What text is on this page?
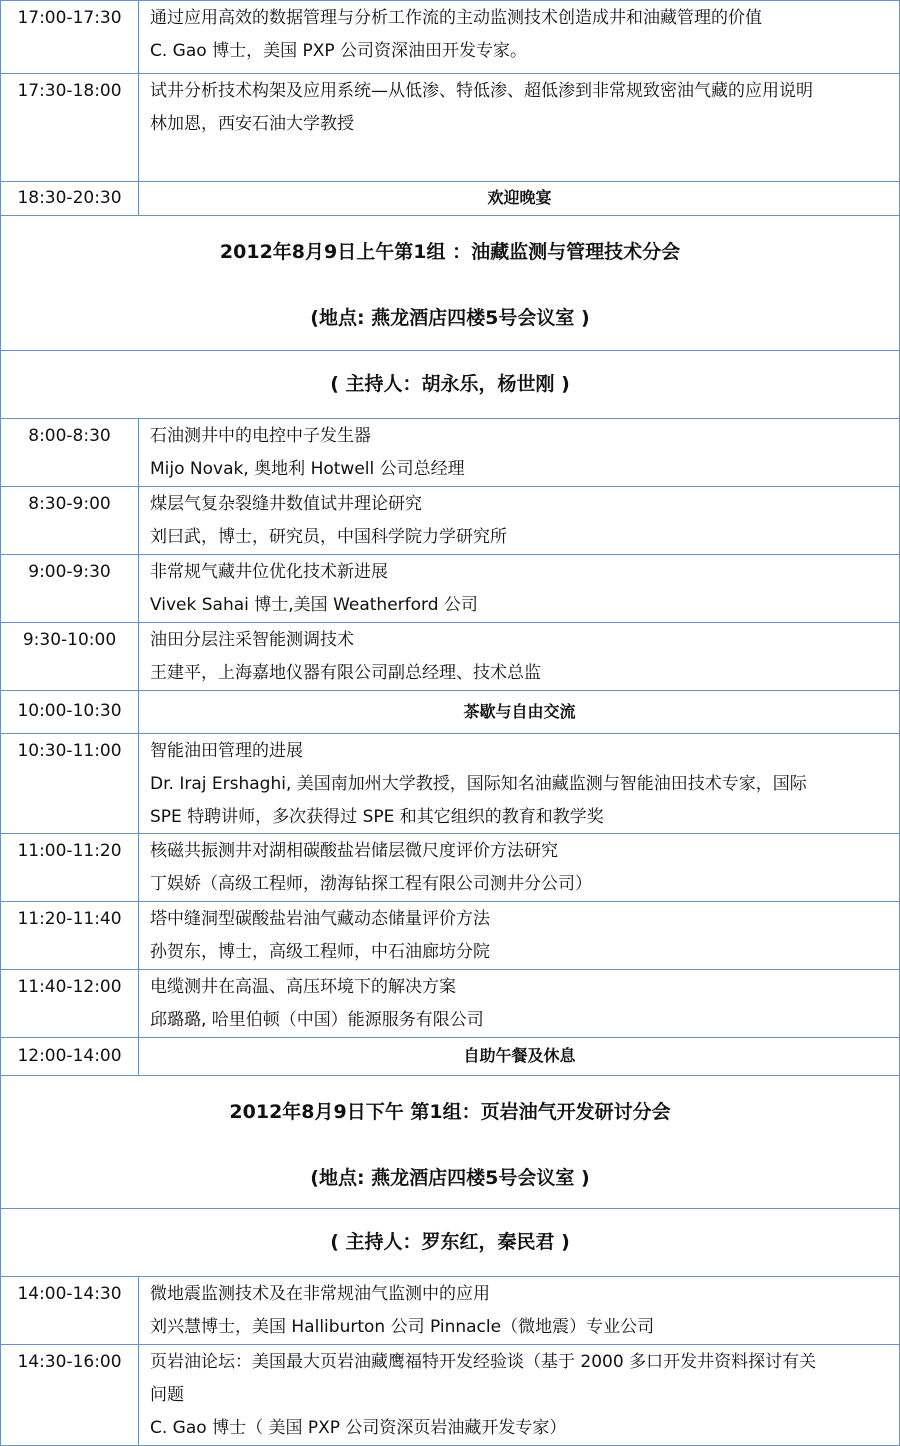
17:00-17:30	通过应用高效的数据管理与分析工作流的主动监测技术创造成井和油藏管理的价值
C. Gao 博士，美国 PXP 公司资深油田开发专家。
17:30-18:00	试井分析技术构架及应用系统—从低渗、特低渗、超低渗到非常规致密油气藏的应用说明
林加恩，西安石油大学教授
18:30-20:30	欢迎晚宴
2012年8月9日上午第1组 ：油藏监测与管理技术分会
(地点: 燕龙酒店四楼5号会议室 )
( 主持人：胡永乐，杨世刚 )
8:00-8:30	石油测井中的电控中子发生器
Mijo Novak, 奥地利 Hotwell 公司总经理
8:30-9:00	煤层气复杂裂缝井数值试井理论研究
刘曰武，博士，研究员，中国科学院力学研究所
9:00-9:30	非常规气藏井位优化技术新进展
Vivek Sahai 博士,美国 Weatherford 公司
9:30-10:00	油田分层注采智能测调技术
王建平，上海嘉地仪器有限公司副总经理、技术总监
10:00-10:30	茶歇与自由交流
10:30-11:00	智能油田管理的进展
Dr. Iraj Ershaghi, 美国南加州大学教授，国际知名油藏监测与智能油田技术专家，国际
SPE 特聘讲师，多次获得过 SPE 和其它组织的教育和教学奖
11:00-11:20	核磁共振测井对湖相碳酸盐岩储层微尺度评价方法研究
丁娱娇（高级工程师，渤海钻探工程有限公司测井分公司）
11:20-11:40	塔中缝洞型碳酸盐岩油气藏动态储量评价方法
孙贺东，博士，高级工程师，中石油廊坊分院
11:40-12:00	电缆测井在高温、高压环境下的解决方案
邱璐璐, 哈里伯顿（中国）能源服务有限公司
12:00-14:00	自助午餐及休息
2012年8月9日下午 第1组：页岩油气开发研讨分会
(地点: 燕龙酒店四楼5号会议室 )
( 主持人：罗东红，秦民君 )
14:00-14:30	微地震监测技术及在非常规油气监测中的应用
刘兴慧博士，美国 Halliburton 公司 Pinnacle（微地震）专业公司
14:30-16:00	页岩油论坛：美国最大页岩油藏鹰福特开发经验谈（基于 2000 多口开发井资料探讨有关
问题
C. Gao 博士（ 美国 PXP 公司资深页岩油藏开发专家）
